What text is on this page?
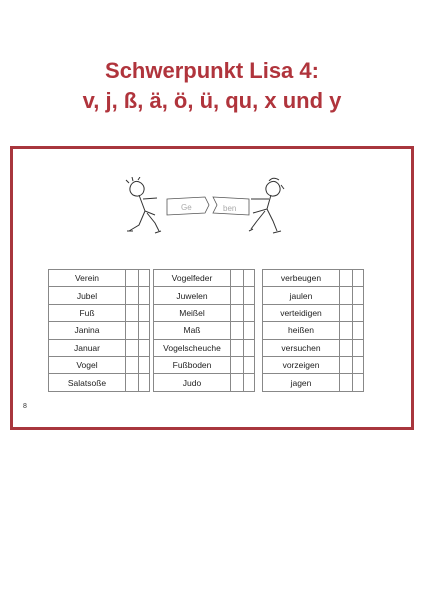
Schwerpunkt Lisa 4:
v, j, ß, ä, ö, ü, qu, x und y
Ge	ben
Verein		
Jubel		
Fuß		
Janina		
Januar		
Vogel		
Salatsoße		
Vogelfeder		
Juwelen		
Meißel		
Maß		
Vogelscheuche		
Fußboden		
Judo		
verbeugen		
jaulen		
verteidigen		
heißen		
versuchen		
vorzeigen		
jagen		
8
